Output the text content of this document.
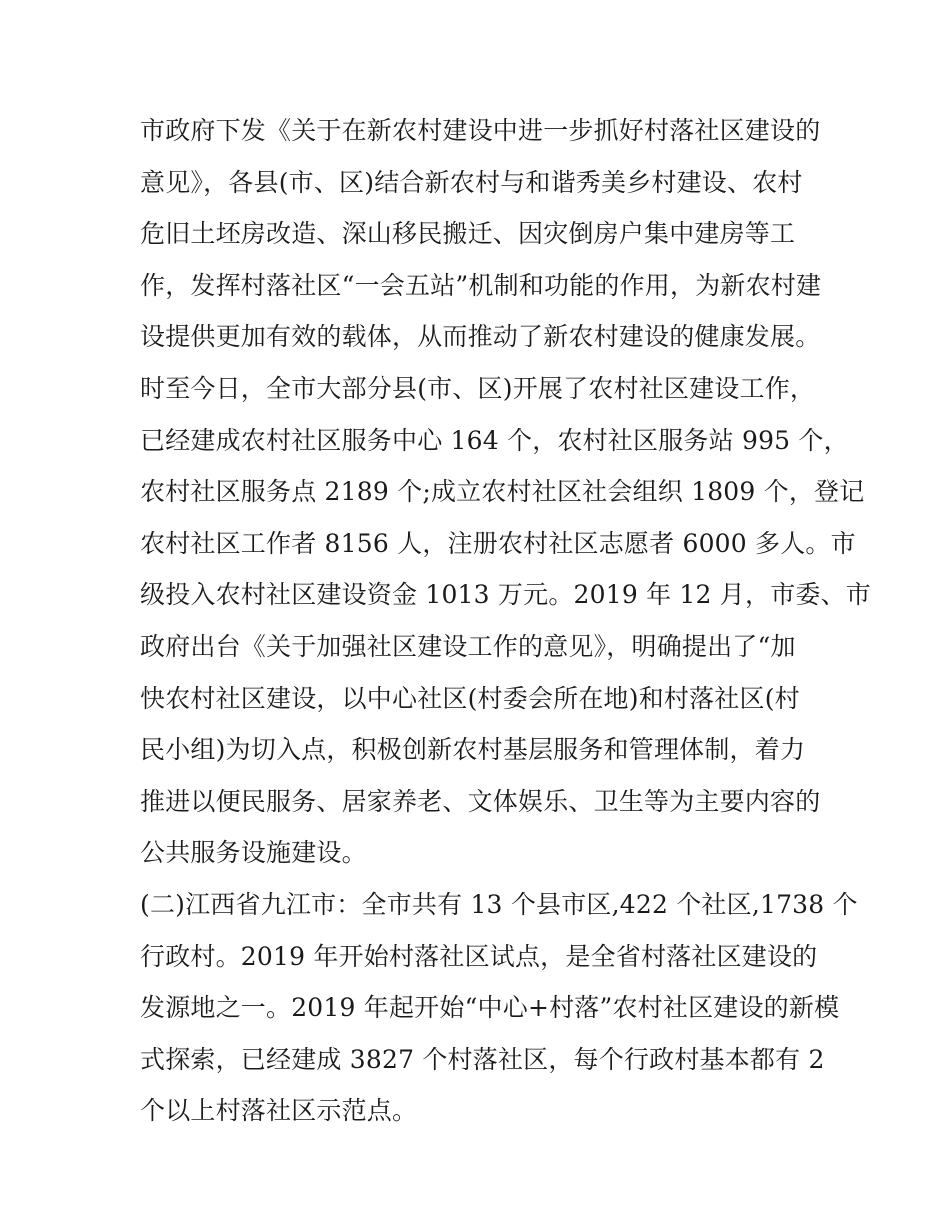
市政府下发《关于在新农村建设中进一步抓好村落社区建设的
意见》，各县(市、区)结合新农村与和谐秀美乡村建设、农村
危旧土坯房改造、深山移民搬迁、因灾倒房户集中建房等工
作，发挥村落社区“一会五站”机制和功能的作用，为新农村建
设提供更加有效的载体，从而推动了新农村建设的健康发展。
时至今日，全市大部分县(市、区)开展了农村社区建设工作，
已经建成农村社区服务中心 164 个，农村社区服务站 995 个，
农村社区服务点 2189 个;成立农村社区社会组织 1809 个，登记
农村社区工作者 8156 人，注册农村社区志愿者 6000 多人。市
级投入农村社区建设资金 1013 万元。2019 年 12 月，市委、市
政府出台《关于加强社区建设工作的意见》，明确提出了“加
快农村社区建设，以中心社区(村委会所在地)和村落社区(村
民小组)为切入点，积极创新农村基层服务和管理体制，着力
推进以便民服务、居家养老、文体娱乐、卫生等为主要内容的
公共服务设施建设。
(二)江西省九江市：全市共有 13 个县市区,422 个社区,1738 个
行政村。2019 年开始村落社区试点，是全省村落社区建设的
发源地之一。2019 年起开始“中心+村落”农村社区建设的新模
式探索，已经建成 3827 个村落社区，每个行政村基本都有 2
个以上村落社区示范点。
